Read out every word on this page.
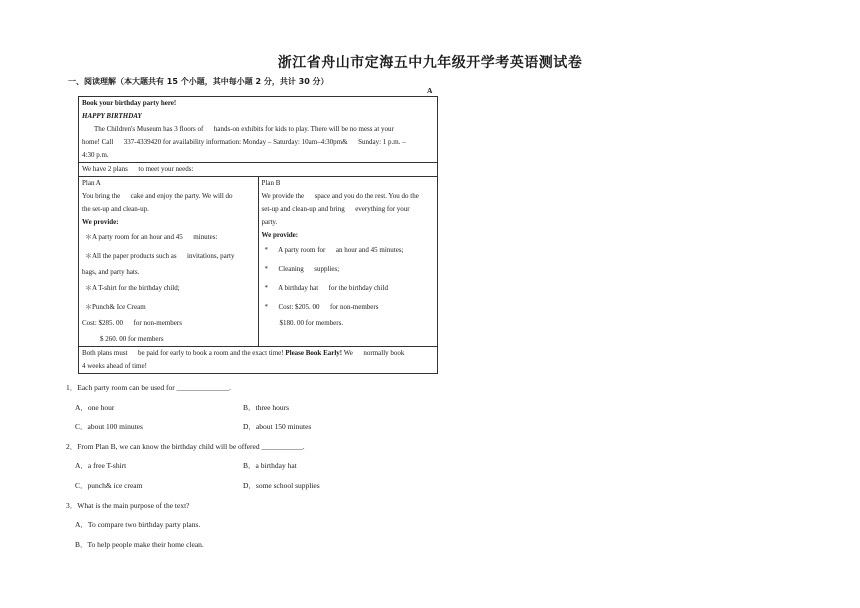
浙江省舟山市定海五中九年级开学考英语测试卷
一、阅读理解（本大题共有 15 个小题，其中每小题 2 分，共计 30 分）
A
Book your birthday party here!
HAPPY BIRTHDAY
The Children's Museum has 3 floors of      hands-on exhibits for kids to play. There will be no mess at your
home! Call      337-4339420 for availability information: Monday – Saturday: 10am–4:30pm&      Sunday: 1 p.m. –
4:30 p.m.
We have 2 plans      to meet your needs:

Plan A

You bring the      cake and enjoy the party. We will do

the set-up and clean-up.

We provide:

＊A party room for an hour and 45      minutes:

＊All the paper products such as      invitations, party

bags, and party hats.

＊A T-shirt for the birthday child;

＊Punch& Ice Cream

Cost: $285. 00      for non-members

$ 260. 00 for members

Plan B

We provide the      space and you do the rest. You do the

set-up and clean-up and bring      everything for your

party.

We provide:

*      A party room for      an hour and 45 minutes;

*      Cleaning      supplies;

*      A birthday hat      for the birthday child

*      Cost: $205. 00      for non-members

$180. 00 for members.

Both plans must      be paid for early to book a room and the exact time! Please Book Early! We      normally book
4 weeks ahead of time!
1．Each party room can be used for ______________.
A．one hour	B．three hours
C．about 100 minutes	D．about 150 minutes
2．From Plan B, we can know the birthday child will be offered ___________.
A．a free T-shirt	B．a birthday hat
C．punch& ice cream	D．some school supplies
3．What is the main purpose of the text?
A．To compare two birthday party plans.
B．To help people make their home clean.
